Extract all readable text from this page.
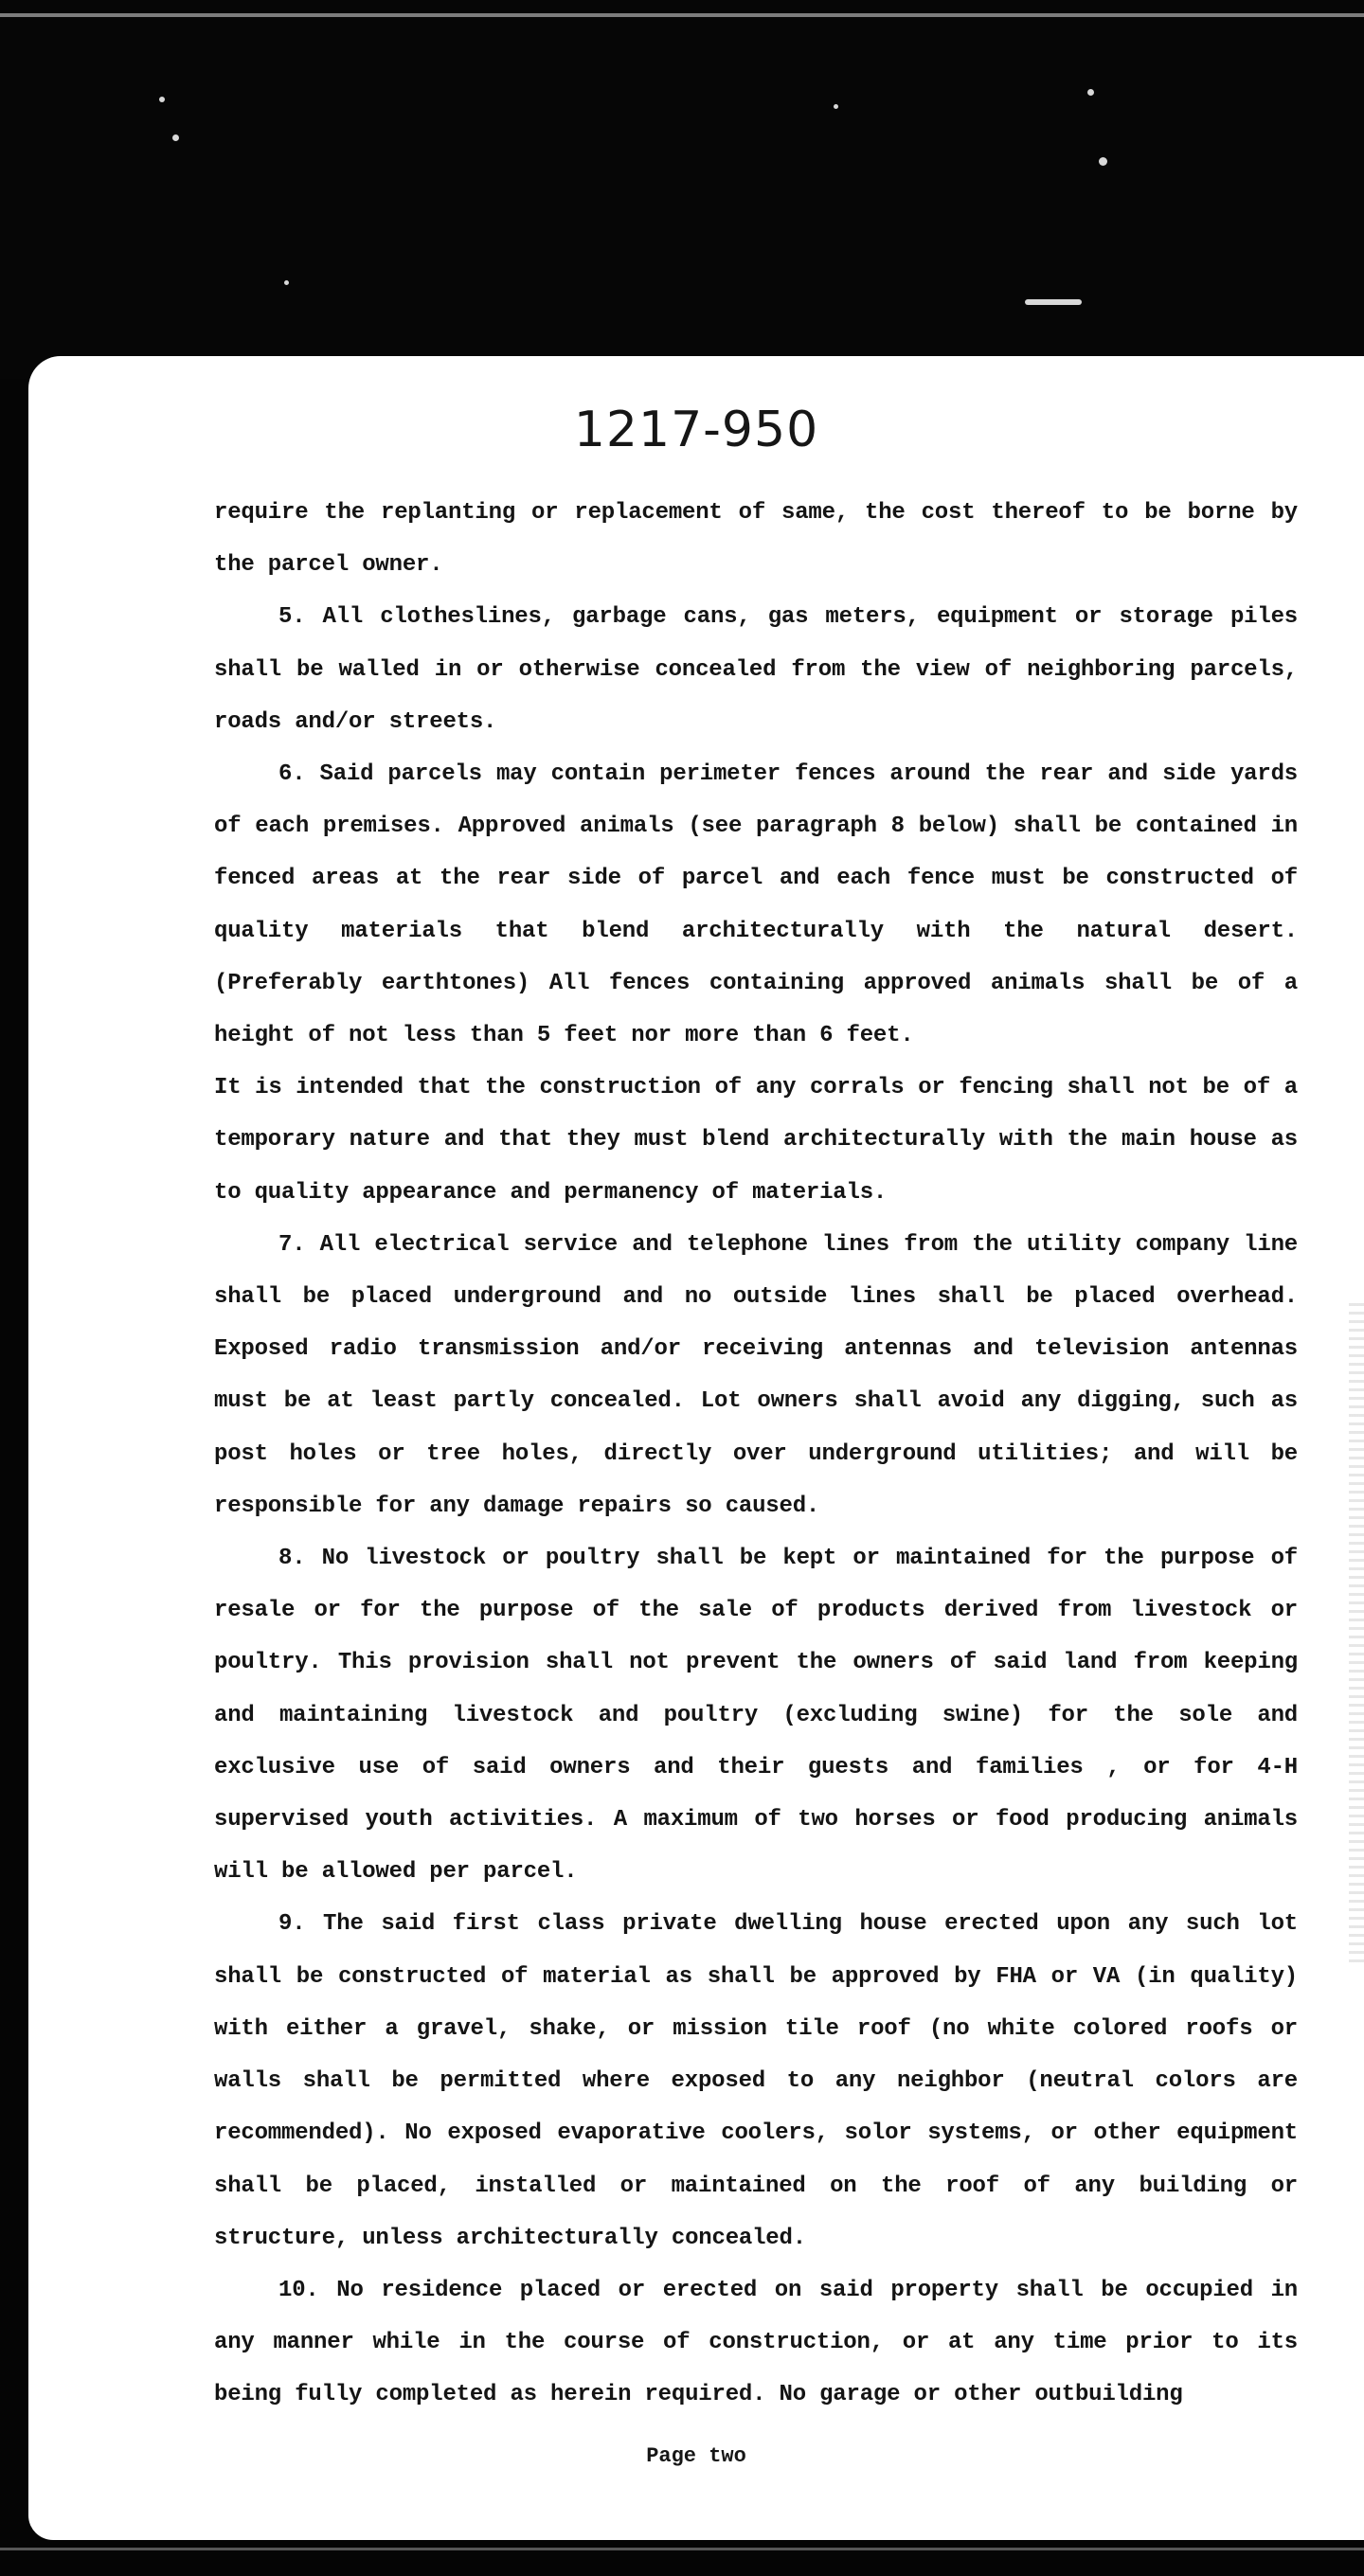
1217-950

require the replanting or replacement of same, the cost thereof to be borne by the parcel owner.

5. All clotheslines, garbage cans, gas meters, equipment or storage piles shall be walled in or otherwise concealed from the view of neighboring parcels, roads and/or streets.

6. Said parcels may contain perimeter fences around the rear and side yards of each premises. Approved animals (see paragraph 8 below) shall be contained in fenced areas at the rear side of parcel and each fence must be constructed of quality materials that blend architecturally with the natural desert. (Preferably earthtones) All fences containing approved animals shall be of a height of not less than 5 feet nor more than 6 feet.

It is intended that the construction of any corrals or fencing shall not be of a temporary nature and that they must blend architecturally with the main house as to quality appearance and permanency of materials.

7. All electrical service and telephone lines from the utility company line shall be placed underground and no outside lines shall be placed overhead. Exposed radio transmission and/or receiving antennas and television antennas must be at least partly concealed. Lot owners shall avoid any digging, such as post holes or tree holes, directly over underground utilities; and will be responsible for any damage repairs so caused.

8. No livestock or poultry shall be kept or maintained for the purpose of resale or for the purpose of the sale of products derived from livestock or poultry. This provision shall not prevent the owners of said land from keeping and maintaining livestock and poultry (excluding swine) for the sole and exclusive use of said owners and their guests and families , or for 4-H supervised youth activities. A maximum of two horses or food producing animals will be allowed per parcel.

9. The said first class private dwelling house erected upon any such lot shall be constructed of material as shall be approved by FHA or VA (in quality) with either a gravel, shake, or mission tile roof (no white colored roofs or walls shall be permitted where exposed to any neighbor (neutral colors are recommended). No exposed evaporative coolers, solor systems, or other equipment shall be placed, installed or maintained on the roof of any building or structure, unless architecturally concealed.

10. No residence placed or erected on said property shall be occupied in any manner while in the course of construction, or at any time prior to its being fully completed as herein required. No garage or other outbuilding

Page two
